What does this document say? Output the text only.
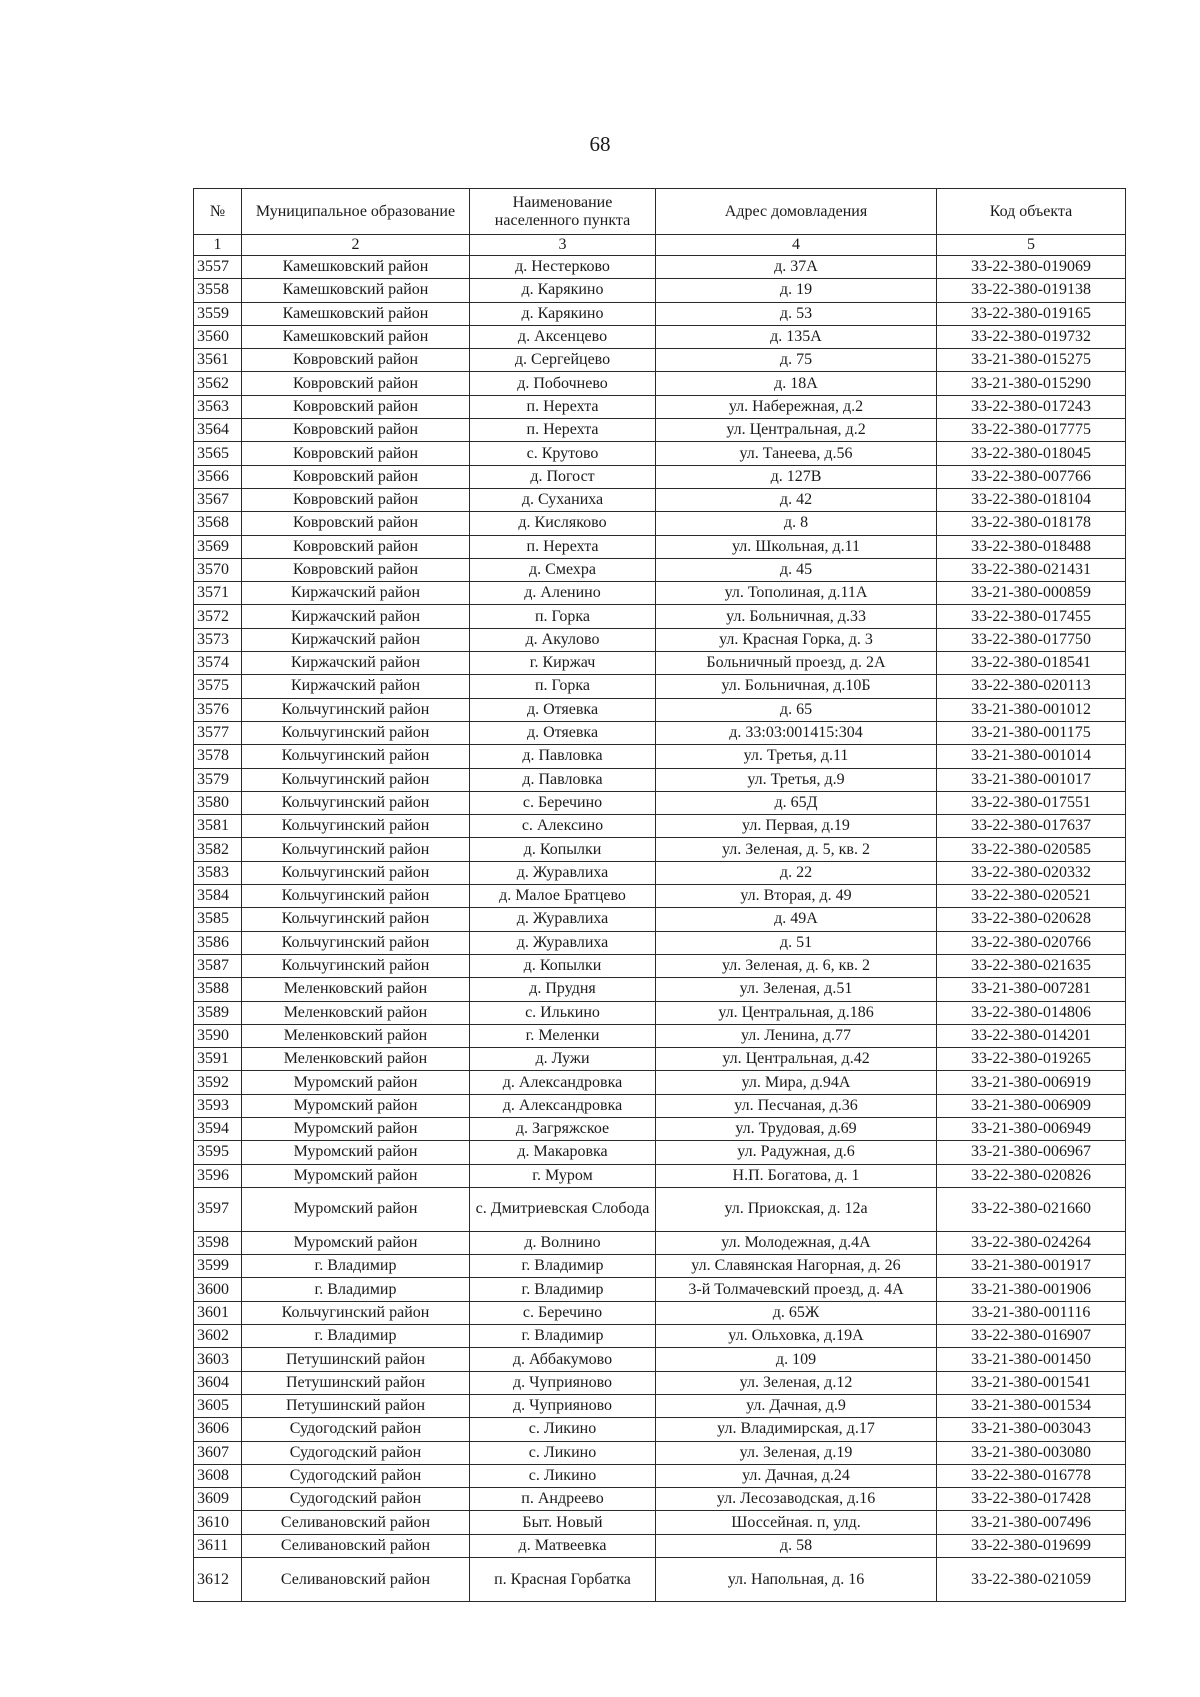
68
№	Муниципальное образование	Наименование населенного пункта	Адрес домовладения	Код объекта
1	2	3	4	5
3557	Камешковский район	д. Нестерково	д. 37А	33-22-380-019069
3558	Камешковский район	д. Карякино	д. 19	33-22-380-019138
3559	Камешковский район	д. Карякино	д. 53	33-22-380-019165
3560	Камешковский район	д. Аксенцево	д. 135А	33-22-380-019732
3561	Ковровский район	д. Сергейцево	д. 75	33-21-380-015275
3562	Ковровский район	д. Побочнево	д. 18А	33-21-380-015290
3563	Ковровский район	п. Нерехта	ул. Набережная, д.2	33-22-380-017243
3564	Ковровский район	п. Нерехта	ул. Центральная, д.2	33-22-380-017775
3565	Ковровский район	с. Крутово	ул. Танеева, д.56	33-22-380-018045
3566	Ковровский район	д. Погост	д. 127В	33-22-380-007766
3567	Ковровский район	д. Суханиха	д. 42	33-22-380-018104
3568	Ковровский район	д. Кисляково	д. 8	33-22-380-018178
3569	Ковровский район	п. Нерехта	ул. Школьная, д.11	33-22-380-018488
3570	Ковровский район	д. Смехра	д. 45	33-22-380-021431
3571	Киржачский район	д. Аленино	ул. Тополиная, д.11А	33-21-380-000859
3572	Киржачский район	п. Горка	ул. Больничная, д.33	33-22-380-017455
3573	Киржачский район	д. Акулово	ул. Красная Горка, д. 3	33-22-380-017750
3574	Киржачский район	г. Киржач	Больничный проезд, д. 2А	33-22-380-018541
3575	Киржачский район	п. Горка	ул. Больничная, д.10Б	33-22-380-020113
3576	Кольчугинский район	д. Отяевка	д. 65	33-21-380-001012
3577	Кольчугинский район	д. Отяевка	д. 33:03:001415:304	33-21-380-001175
3578	Кольчугинский район	д. Павловка	ул. Третья, д.11	33-21-380-001014
3579	Кольчугинский район	д. Павловка	ул. Третья, д.9	33-21-380-001017
3580	Кольчугинский район	с. Беречино	д. 65Д	33-22-380-017551
3581	Кольчугинский район	с. Алексино	ул. Первая, д.19	33-22-380-017637
3582	Кольчугинский район	д. Копылки	ул. Зеленая, д. 5, кв. 2	33-22-380-020585
3583	Кольчугинский район	д. Журавлиха	д. 22	33-22-380-020332
3584	Кольчугинский район	д. Малое Братцево	ул. Вторая, д. 49	33-22-380-020521
3585	Кольчугинский район	д. Журавлиха	д. 49А	33-22-380-020628
3586	Кольчугинский район	д. Журавлиха	д. 51	33-22-380-020766
3587	Кольчугинский район	д. Копылки	ул. Зеленая, д. 6, кв. 2	33-22-380-021635
3588	Меленковский район	д. Прудня	ул. Зеленая, д.51	33-21-380-007281
3589	Меленковский район	с. Илькино	ул. Центральная, д.186	33-22-380-014806
3590	Меленковский район	г. Меленки	ул. Ленина, д.77	33-22-380-014201
3591	Меленковский район	д. Лужи	ул. Центральная, д.42	33-22-380-019265
3592	Муромский район	д. Александровка	ул. Мира, д.94А	33-21-380-006919
3593	Муромский район	д. Александровка	ул. Песчаная, д.36	33-21-380-006909
3594	Муромский район	д. Загряжское	ул. Трудовая, д.69	33-21-380-006949
3595	Муромский район	д. Макаровка	ул. Радужная, д.6	33-21-380-006967
3596	Муромский район	г. Муром	Н.П. Богатова, д. 1	33-22-380-020826
3597	Муромский район	с. Дмитриевская Слобода	ул. Приокская, д. 12а	33-22-380-021660
3598	Муромский район	д. Волнино	ул. Молодежная, д.4А	33-22-380-024264
3599	г. Владимир	г. Владимир	ул. Славянская Нагорная, д. 26	33-21-380-001917
3600	г. Владимир	г. Владимир	3-й Толмачевский проезд, д. 4А	33-21-380-001906
3601	Кольчугинский район	с. Беречино	д. 65Ж	33-21-380-001116
3602	г. Владимир	г. Владимир	ул. Ольховка, д.19А	33-22-380-016907
3603	Петушинский район	д. Аббакумово	д. 109	33-21-380-001450
3604	Петушинский район	д. Чуприяново	ул. Зеленая, д.12	33-21-380-001541
3605	Петушинский район	д. Чуприяново	ул. Дачная, д.9	33-21-380-001534
3606	Судогодский район	с. Ликино	ул. Владимирская, д.17	33-21-380-003043
3607	Судогодский район	с. Ликино	ул. Зеленая, д.19	33-21-380-003080
3608	Судогодский район	с. Ликино	ул. Дачная, д.24	33-22-380-016778
3609	Судогодский район	п. Андреево	ул. Лесозаводская, д.16	33-22-380-017428
3610	Селивановский район	Быт. Новый	Шоссейная. п, улд.	33-21-380-007496
3611	Селивановский район	д. Матвеевка	д. 58	33-22-380-019699
3612	Селивановский район	п. Красная Горбатка	ул. Напольная, д. 16	33-22-380-021059
